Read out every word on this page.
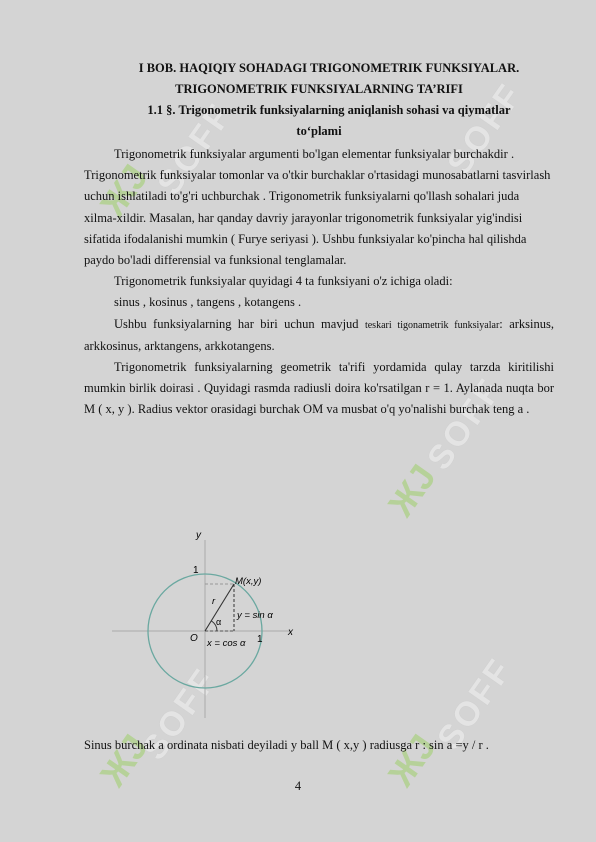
ЖJ
SOFF
ЖJ
SOFF
ЖJ
SOFF	ЖJ
SOFF
SOFF
I BOB. HAQIQIY SOHADAGI TRIGONOMETRIK FUNKSIYALAR.
TRIGONOMETRIK FUNKSIYALARNING TA’RIFI
1.1 §. Trigonometrik funksiyalarning aniqlanish sohasi va qiymatlar
to‘plami

Trigonometrik funksiyalar argumenti bo'lgan elementar funksiyalar burchakdir . Trigonometrik funksiyalar tomonlar va o'tkir burchaklar o'rtasidagi munosabatlarni tasvirlash uchun ishlatiladi to'g'ri uchburchak . Trigonometrik funksiyalarni qo'llash sohalari juda xilma-xildir. Masalan, har qanday davriy jarayonlar trigonometrik funksiyalar yig'indisi sifatida ifodalanishi mumkin ( Furye seriyasi ). Ushbu funksiyalar ko'pincha hal qilishda paydo bo'ladi differensial va funksional tenglamalar.

Trigonometrik funksiyalar quyidagi 4 ta funksiyani o'z ichiga oladi:

sinus , kosinus , tangens , kotangens .

Ushbu funksiyalarning har biri uchun mavjud teskari tigonametrik funksiyalar: arksinus, arkkosinus, arktangens, arkkotangens.

Trigonometrik funksiyalarning geometrik ta'rifi yordamida qulay tarzda kiritilishi mumkin birlik doirasi . Quyidagi rasmda radiusli doira ko'rsatilgan r = 1. Aylanada nuqta bor M ( x, y ). Radius vektor orasidagi burchak OM va musbat o'q yo'nalishi burchak teng a .

y
x
1
1
O
M(x,y)
r
α
y = sin α
x = cos α
Sinus burchak a ordinata nisbati deyiladi y ball M ( x,y ) radiusga r : sin a =y / r .
4
